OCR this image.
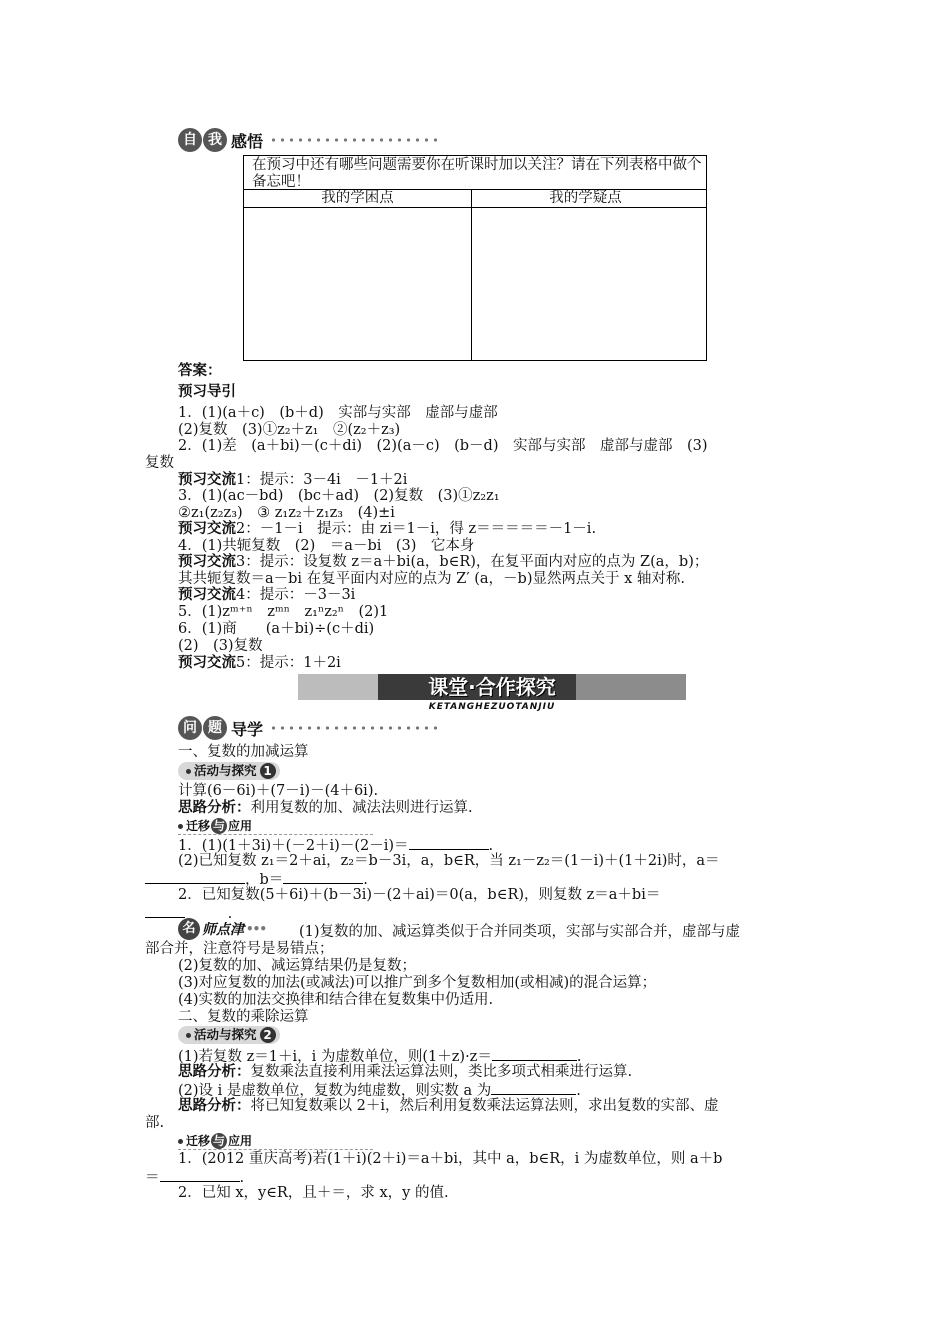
自 我 感悟
在预习中还有哪些问题需要你在听课时加以关注？请在下列表格中做个备忘吧！
我的学困点	我的学疑点
答案：
预习导引
1．(1)(a＋c)　(b＋d)　实部与实部　虚部与虚部
(2)复数　(3)①z₂＋z₁　②(z₂＋z₃)
2．(1)差　(a＋bi)－(c＋di)　(2)(a－c)　(b－d)　实部与实部　虚部与虚部　(3)
复数
预习交流1：提示：3－4i　－1＋2i
3．(1)(ac－bd)　(bc＋ad)　(2)复数　(3)①z₂z₁
②z₁(z₂z₃)　③ z₁z₂＋z₁z₃　(4)±i
预习交流2：－1－i　提示：由 zi＝1－i，得 z＝＝＝＝＝－1－i.
4．(1)共轭复数　(2)　＝a－bi　(3)　它本身
预习交流3：提示：设复数 z＝a＋bi(a，b∈R)，在复平面内对应的点为 Z(a，b)；
其共轭复数＝a－bi 在复平面内对应的点为 Z′ (a，－b)显然两点关于 x 轴对称.
预习交流4：提示：－3－3i
5．(1)zᵐ⁺ⁿ　zᵐⁿ　z₁ⁿz₂ⁿ　(2)1
6．(1)商　　(a＋bi)÷(c＋di)
(2)　(3)复数
预习交流5：提示：1＋2i
课堂·合作探究
KETANGHEZUOTANJIU
问 题 导学
一、复数的加减运算
活动与探究 1
计算(6－6i)＋(7－i)－(4＋6i).
思路分析：利用复数的加、减法法则进行运算.
迁移 与 应用
1．(1)(1＋3i)＋(－2＋i)－(2－i)＝	.
(2)已知复数 z₁＝2＋ai，z₂＝b－3i，a，b∈R，当 z₁－z₂＝(1－i)＋(1＋2i)时，a＝
，b＝	.
2．已知复数(5＋6i)＋(b－3i)－(2＋ai)＝0(a，b∈R)，则复数 z＝a＋bi＝
.
名 师点津 ••• (1)复数的加、减运算类似于合并同类项，实部与实部合并，虚部与虚
部合并，注意符号是易错点；
(2)复数的加、减运算结果仍是复数；
(3)对应复数的加法(或减法)可以推广到多个复数相加(或相减)的混合运算；
(4)实数的加法交换律和结合律在复数集中仍适用.
二、复数的乘除运算
活动与探究 2
(1)若复数 z＝1＋i，i 为虚数单位，则(1＋z)·z＝	.
思路分析：复数乘法直接利用乘法运算法则，类比多项式相乘进行运算.
(2)设 i 是虚数单位，复数为纯虚数，则实数 a 为	.
思路分析：将已知复数乘以 2＋i，然后利用复数乘法运算法则，求出复数的实部、虚
部.
迁移 与 应用
1．(2012 重庆高考)若(1＋i)(2＋i)＝a＋bi，其中 a，b∈R，i 为虚数单位，则 a＋b
＝	.
2．已知 x，y∈R，且＋＝，求 x，y 的值.
